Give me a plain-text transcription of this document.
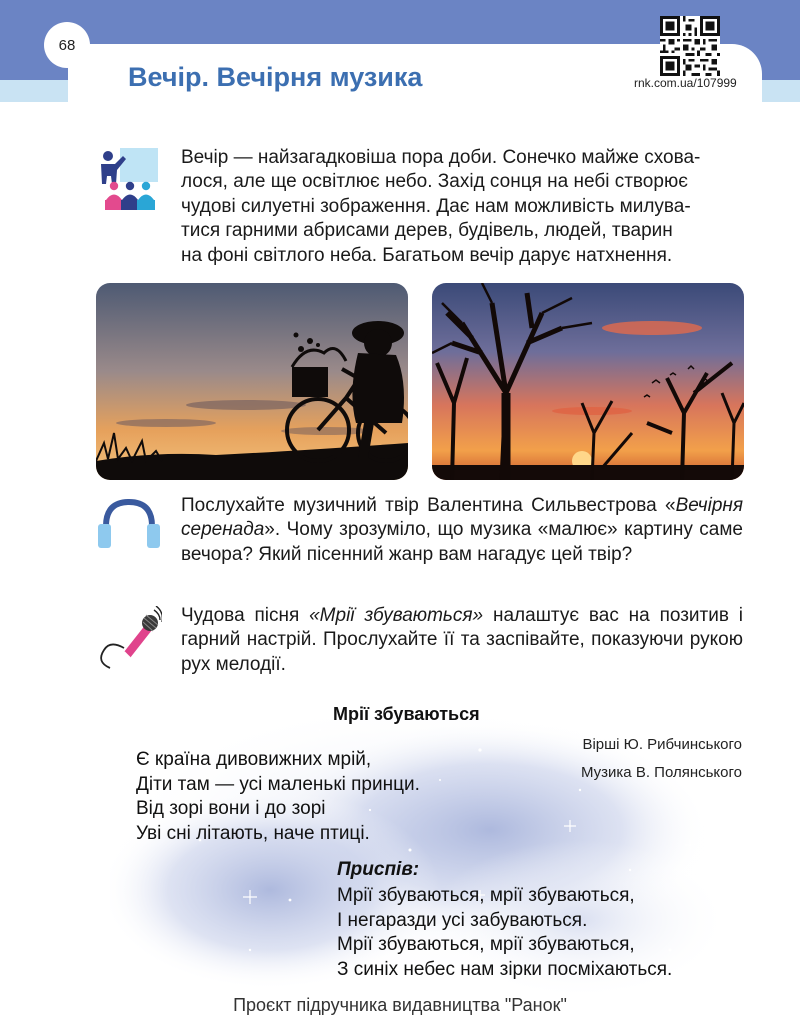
68
Вечір. Вечірня музика	rnk.com.ua/107999
Вечір — найзагадковіша пора доби. Сонечко майже схова-
лося, але ще освітлює небо. Захід сонця на небі створює
чудові силуетні зображення. Дає нам можливість милува-
тися гарними абрисами дерев, будівель, людей, тварин
на фоні світлого неба. Багатьом вечір дарує натхнення.
Послухайте музичний твір Валентина Сильвестрова «Вечірня серенада». Чому зрозуміло, що музика «малює» картину саме вечора? Який пісенний жанр вам нагадує цей твір?
Чудова пісня «Мрії збуваються» налаштує вас на позитив і гарний настрій. Прослухайте її та заспівайте, показуючи рукою рух мелодії.
Мрії збуваються
Вірші Ю. Рибчинського
Музика В. Полянського
Є країна дивовижних мрій,
Діти там — усі маленькі принци.
Від зорі вони і до зорі
Уві сні літають, наче птиці.
Приспів:
Мрії збуваються, мрії збуваються,
І негаразди усі забуваються.
Мрії збуваються, мрії збуваються,
З синіх небес нам зірки посміхаються.
Проєкт підручника видавництва "Ранок"
